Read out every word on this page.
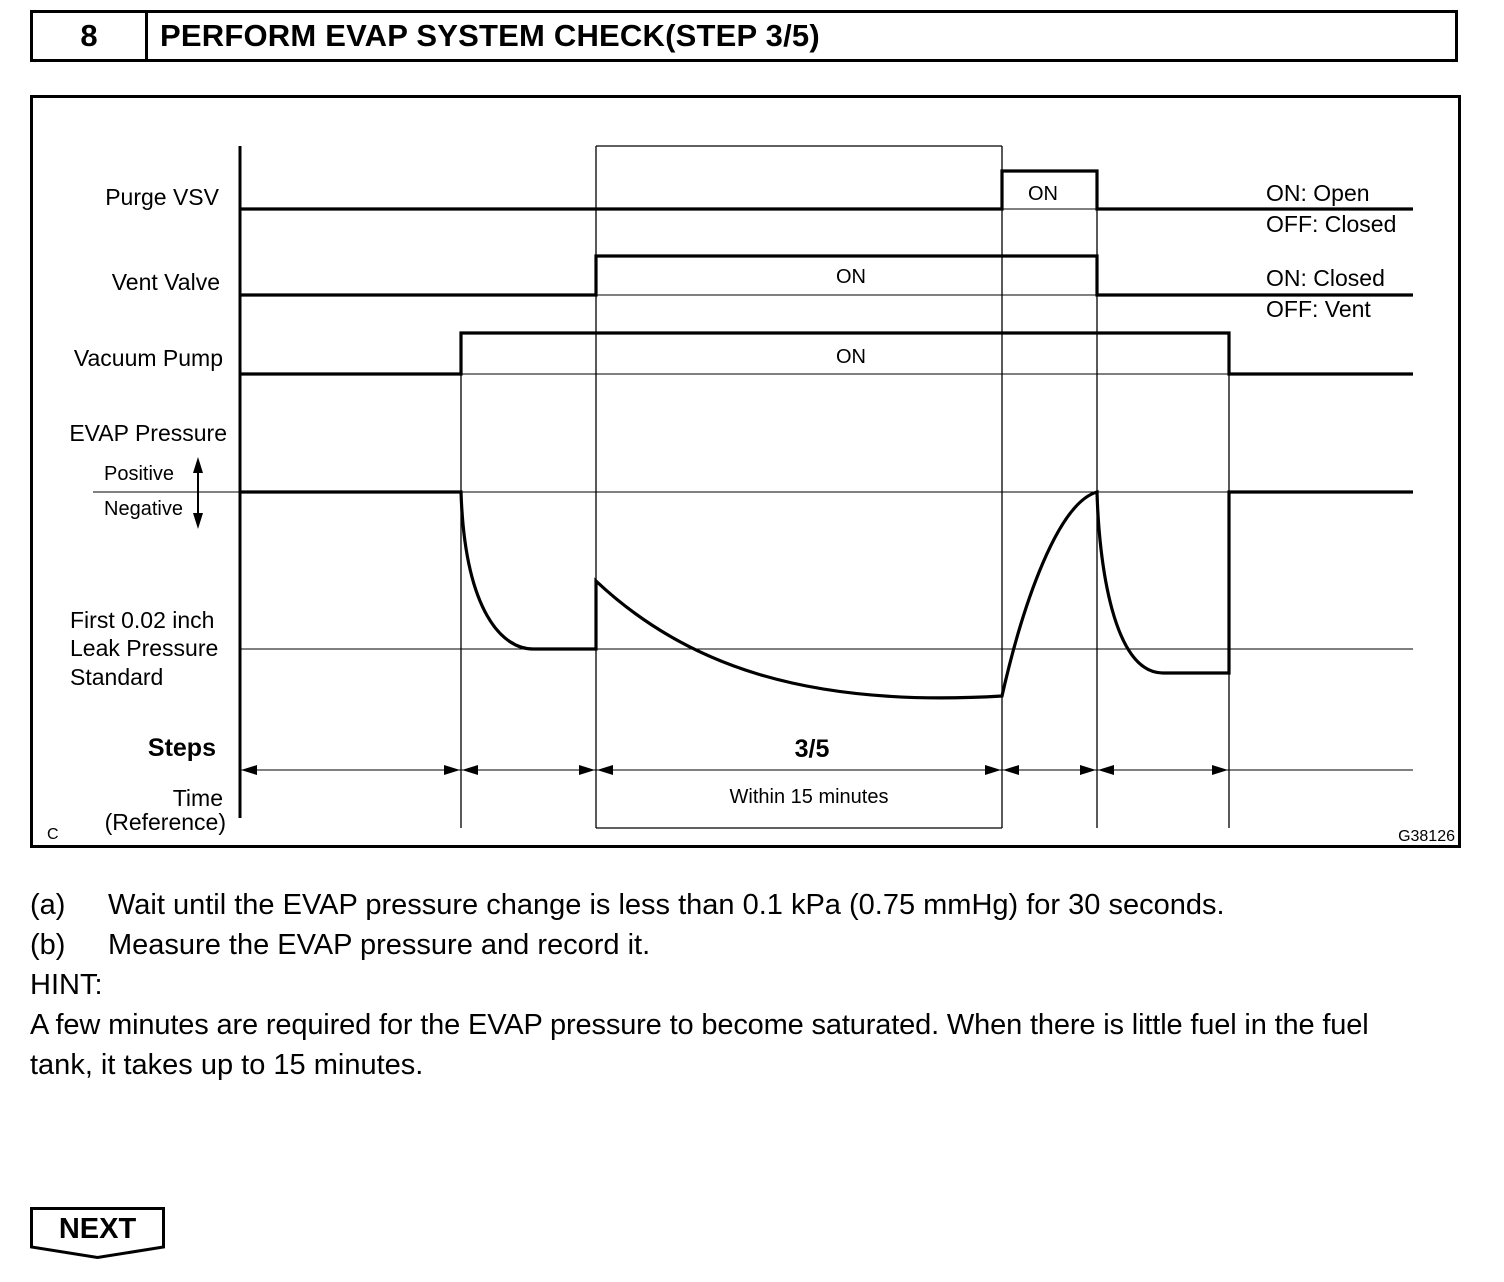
8	PERFORM EVAP SYSTEM CHECK(STEP 3/5)
Purge VSV
Vent Valve
Vacuum Pump
EVAP Pressure
Positive
Negative
First 0.02 inch
Leak Pressure
Standard
Steps
Time
(Reference)
ON
ON
ON
Within 15 minutes
3/5
ON: Open
OFF: Closed
ON: Closed
OFF: Vent
C	G38126
(a) Wait until the EVAP pressure change is less than 0.1 kPa (0.75 mmHg) for 30 seconds.
(b) Measure the EVAP pressure and record it.
HINT:
A few minutes are required for the EVAP pressure to become saturated. When there is little fuel in the fuel
tank, it takes up to 15 minutes.
NEXT
